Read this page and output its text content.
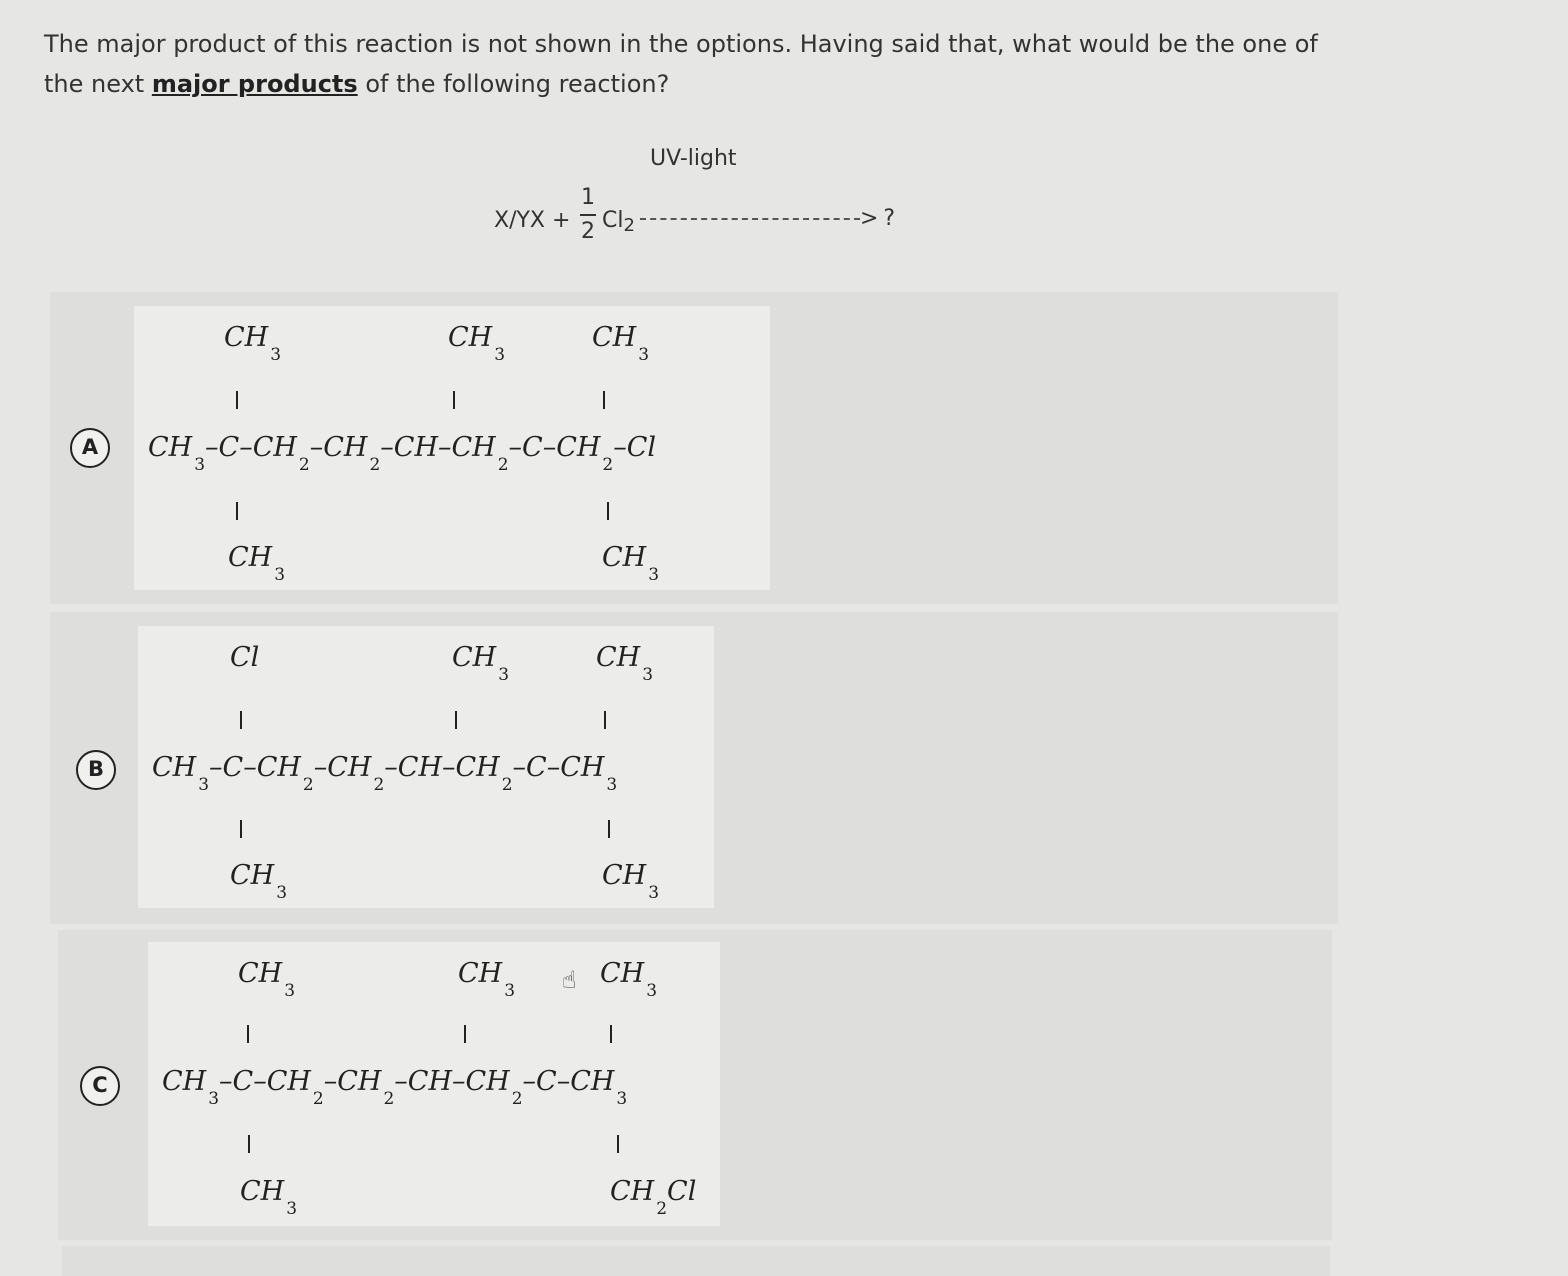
The major product of this reaction is not shown in the options. Having said that, what would be the one of the next major products of the following reaction?
UV-light
X/YX +
1
2 $Cl_2$	> ?
A
$CH_3$
$CH_3$
$CH_3$
$CH_3-C-CH_2-CH_2-CH-CH_2-C-CH_2-Cl$
$CH_3$
$CH_3$
B
Cl	$CH_3$
$CH_3$
$CH_3-C-CH_2-CH_2-CH-CH_2-C-CH_3$
$CH_3$
$CH_3$
C
$CH_3$
$CH_3$
$CH_3$
☝
$CH_3-C-CH_2-CH_2-CH-CH_2-C-CH_3$
$CH_3$
$CH_2Cl$
